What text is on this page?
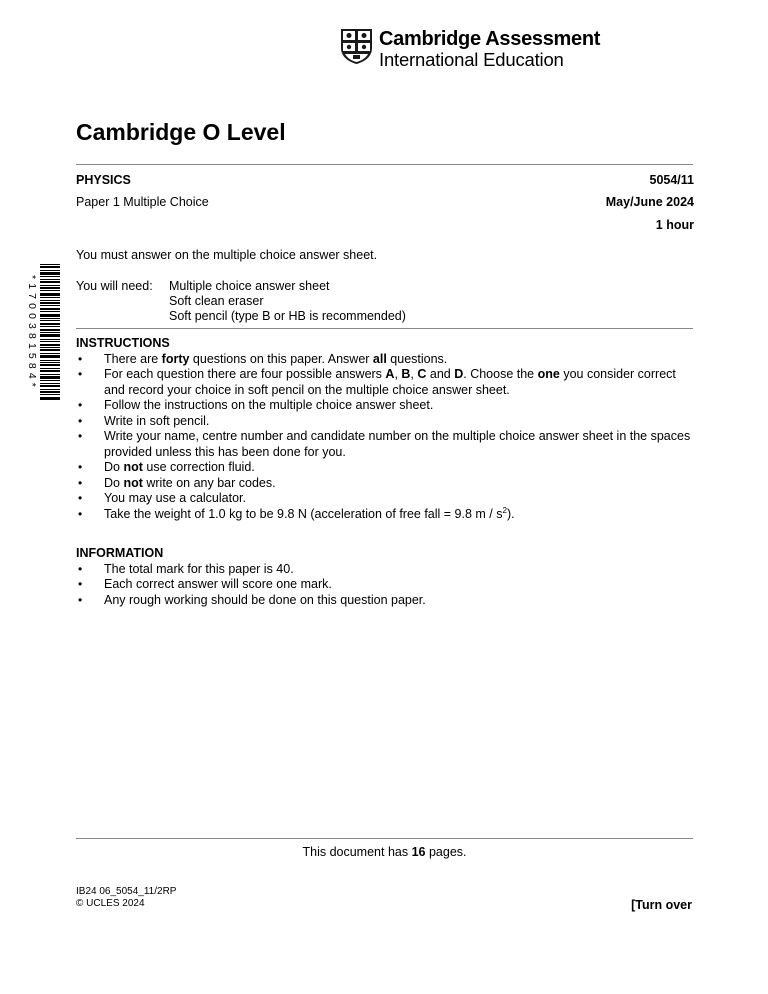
Cambridge Assessment
International Education
Cambridge O Level
PHYSICS	5054/11
Paper 1 Multiple Choice	May/June 2024
1 hour
You must answer on the multiple choice answer sheet.
* 1 7 0 0 3 8 1 5 8 4 *	You will need:	Multiple choice answer sheet
Soft clean eraser
Soft pencil (type B or HB is recommended)
INSTRUCTIONS
• There are forty questions on this paper. Answer all questions.
• For each question there are four possible answers A, B, C and D. Choose the one you consider correct and record your choice in soft pencil on the multiple choice answer sheet.
• Follow the instructions on the multiple choice answer sheet.
• Write in soft pencil.
• Write your name, centre number and candidate number on the multiple choice answer sheet in the spaces provided unless this has been done for you.
• Do not use correction fluid.
• Do not write on any bar codes.
• You may use a calculator.
• Take the weight of 1.0 kg to be 9.8 N (acceleration of free fall = 9.8 m / $s^2$).
INFORMATION
• The total mark for this paper is 40.
• Each correct answer will score one mark.
• Any rough working should be done on this question paper.
This document has 16 pages.
IB24 06_5054_11/2RP
© UCLES 2024	[Turn over
